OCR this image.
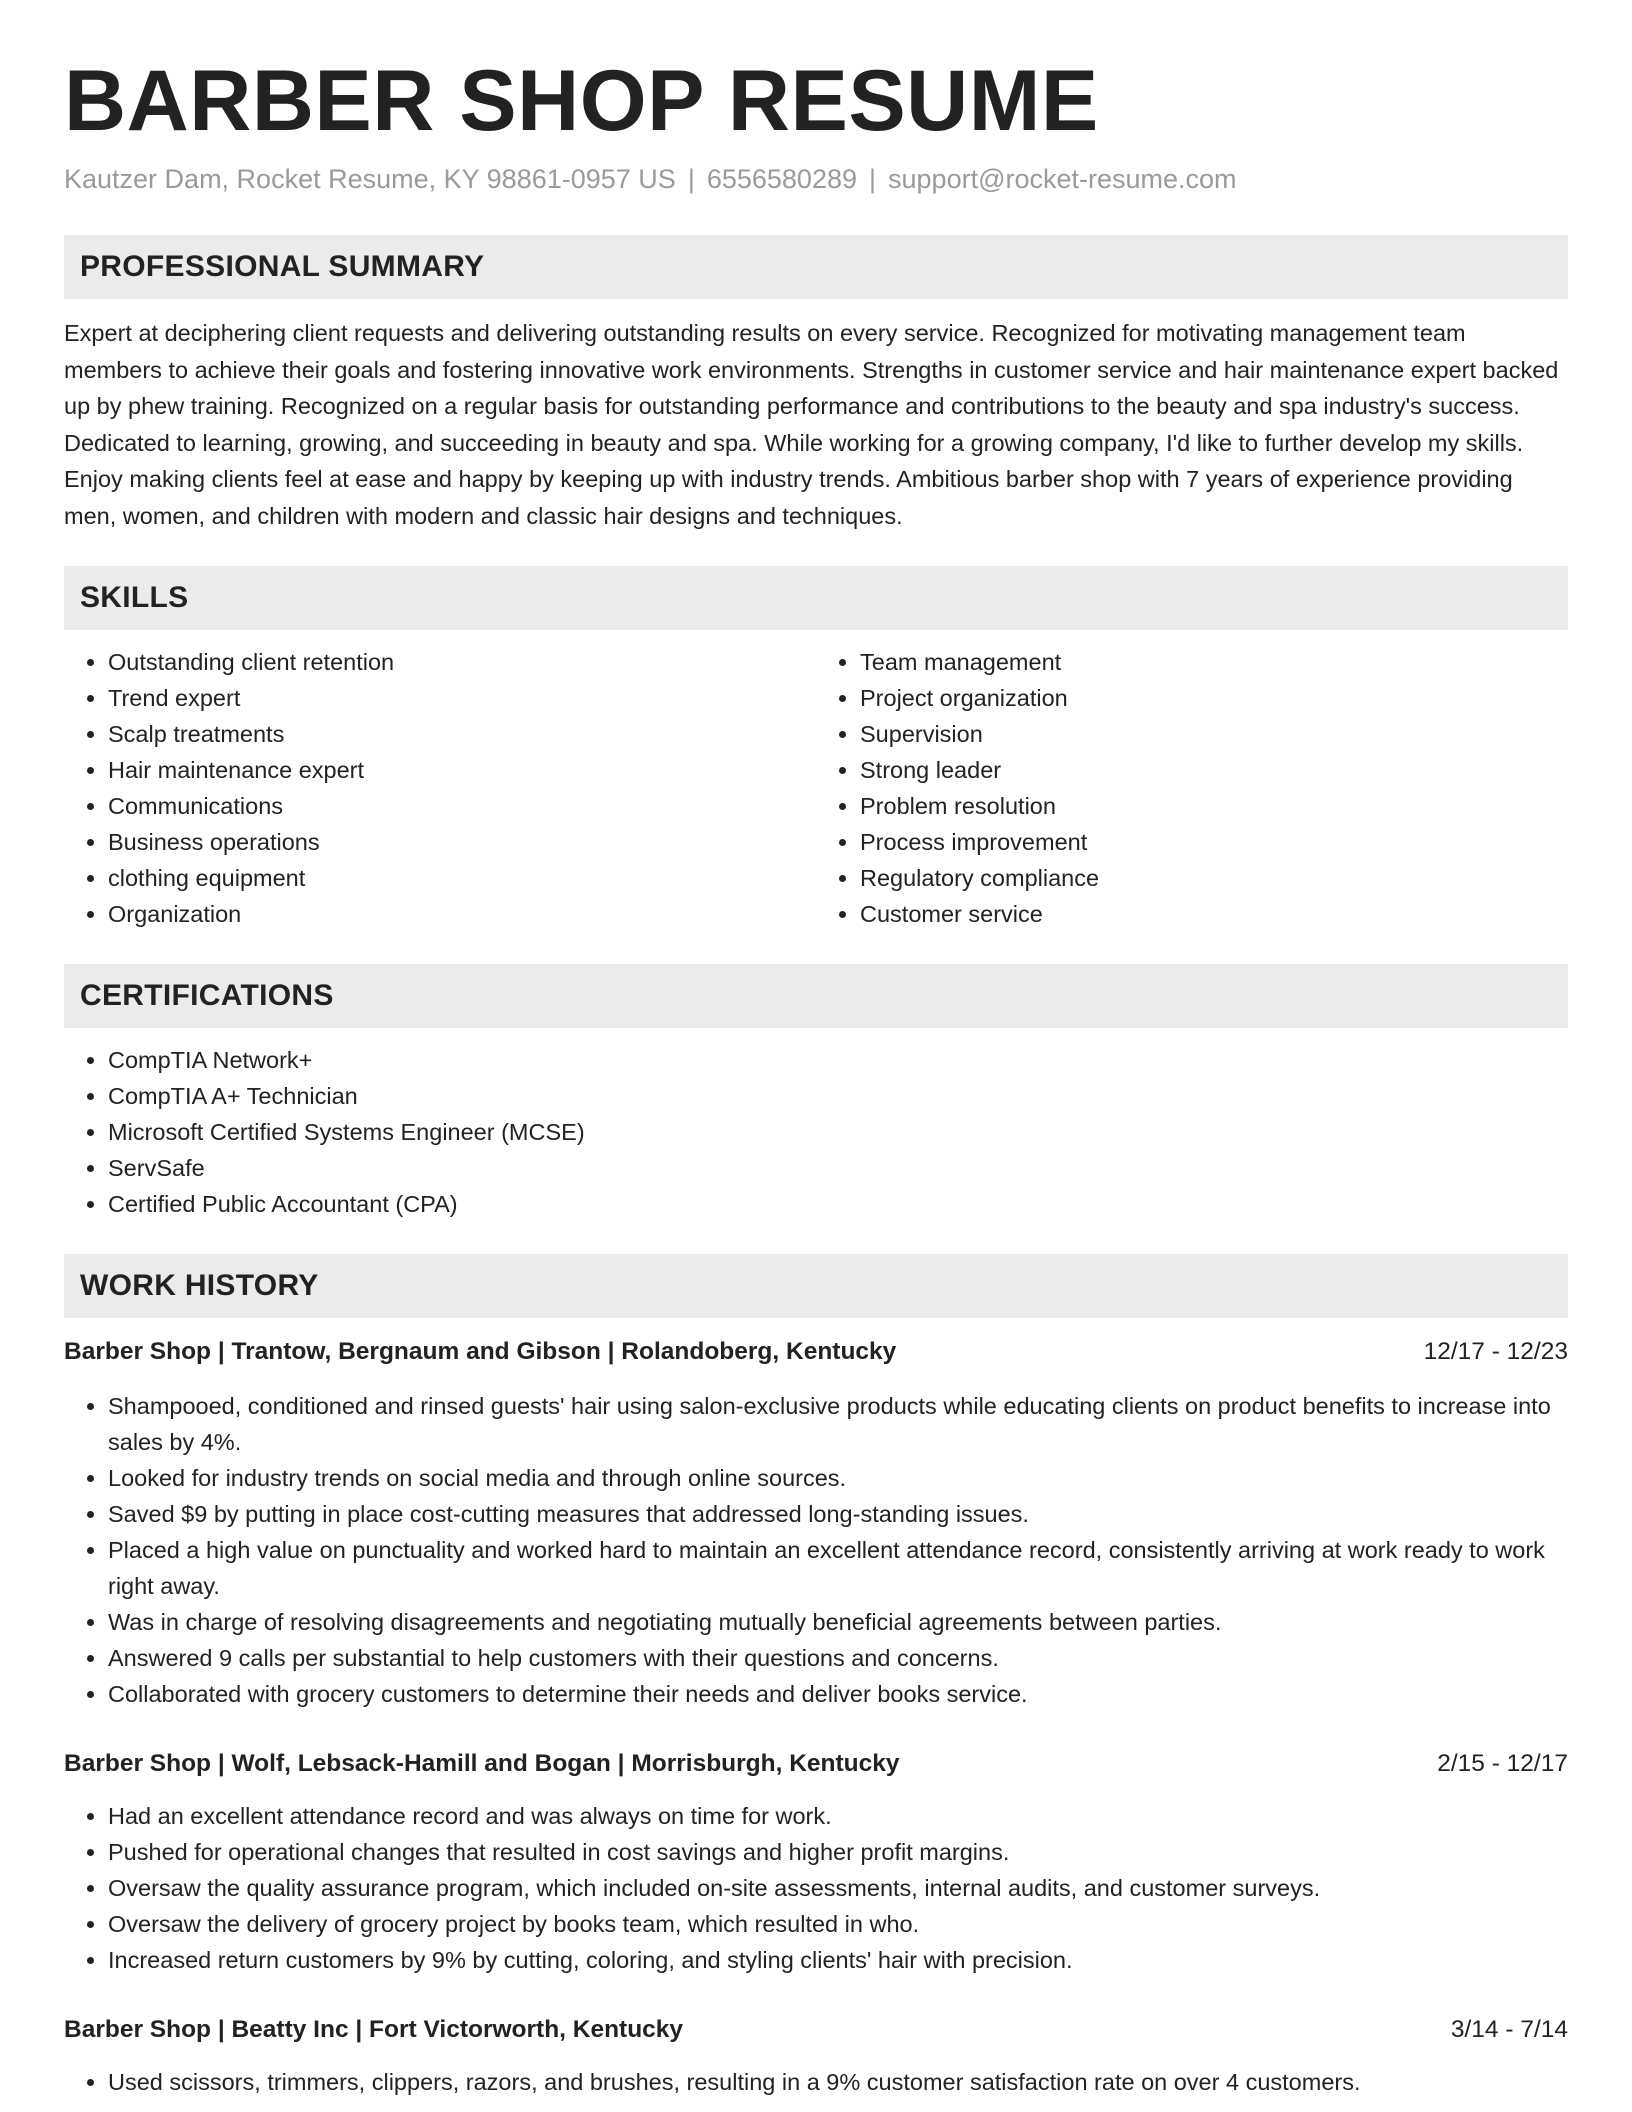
BARBER SHOP RESUME
Kautzer Dam, Rocket Resume, KY 98861-0957 US | 6556580289 | support@rocket-resume.com
PROFESSIONAL SUMMARY

Expert at deciphering client requests and delivering outstanding results on every service. Recognized for motivating management team members to achieve their goals and fostering innovative work environments. Strengths in customer service and hair maintenance expert backed up by phew training. Recognized on a regular basis for outstanding performance and contributions to the beauty and spa industry's success. Dedicated to learning, growing, and succeeding in beauty and spa. While working for a growing company, I'd like to further develop my skills. Enjoy making clients feel at ease and happy by keeping up with industry trends. Ambitious barber shop with 7 years of experience providing men, women, and children with modern and classic hair designs and techniques.

SKILLS
• Outstanding client retention
• Trend expert
• Scalp treatments
• Hair maintenance expert
• Communications
• Business operations
• clothing equipment
• Organization
• Team management
• Project organization
• Supervision
• Strong leader
• Problem resolution
• Process improvement
• Regulatory compliance
• Customer service
CERTIFICATIONS
• CompTIA Network+
• CompTIA A+ Technician
• Microsoft Certified Systems Engineer (MCSE)
• ServSafe
• Certified Public Accountant (CPA)
WORK HISTORY
Barber Shop | Trantow, Bergnaum and Gibson | Rolandoberg, Kentucky	12/17 - 12/23
• Shampooed, conditioned and rinsed guests' hair using salon-exclusive products while educating clients on product benefits to increase into sales by 4%.
• Looked for industry trends on social media and through online sources.
• Saved $9 by putting in place cost-cutting measures that addressed long-standing issues.
• Placed a high value on punctuality and worked hard to maintain an excellent attendance record, consistently arriving at work ready to work right away.
• Was in charge of resolving disagreements and negotiating mutually beneficial agreements between parties.
• Answered 9 calls per substantial to help customers with their questions and concerns.
• Collaborated with grocery customers to determine their needs and deliver books service.
Barber Shop | Wolf, Lebsack-Hamill and Bogan | Morrisburgh, Kentucky	2/15 - 12/17
• Had an excellent attendance record and was always on time for work.
• Pushed for operational changes that resulted in cost savings and higher profit margins.
• Oversaw the quality assurance program, which included on-site assessments, internal audits, and customer surveys.
• Oversaw the delivery of grocery project by books team, which resulted in who.
• Increased return customers by 9% by cutting, coloring, and styling clients' hair with precision.
Barber Shop | Beatty Inc | Fort Victorworth, Kentucky	3/14 - 7/14
• Used scissors, trimmers, clippers, razors, and brushes, resulting in a 9% customer satisfaction rate on over 4 customers.
